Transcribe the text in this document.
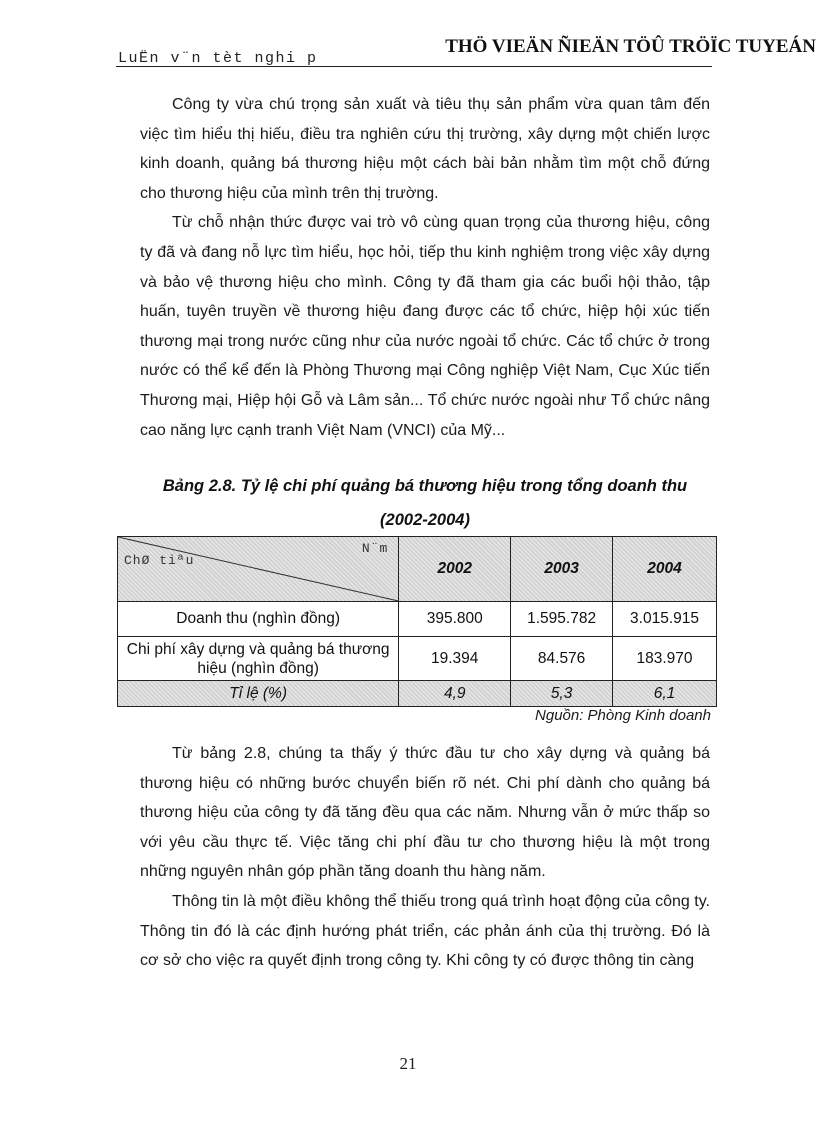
LuËn v¨n tèt nghi p
THÖ VIEÄN ÑIEÄN TÖÛ TRÖÏC TUYEÁN

Công ty vừa chú trọng sản xuất và tiêu thụ sản phẩm vừa quan tâm đến việc tìm hiểu thị hiếu, điều tra nghiên cứu thị trường, xây dựng một chiến lược kinh doanh, quảng bá thương hiệu một cách bài bản nhằm tìm một chỗ đứng cho thương hiệu của mình trên thị trường.

Từ chỗ nhận thức được vai trò vô cùng quan trọng của thương hiệu, công ty đã và đang nỗ lực tìm hiểu, học hỏi, tiếp thu kinh nghiệm trong việc xây dựng và bảo vệ thương hiệu cho mình. Công ty đã tham gia các buổi hội thảo, tập huấn, tuyên truyền về thương hiệu đang được các tổ chức, hiệp hội xúc tiến thương mại trong nước cũng như của nước ngoài tổ chức. Các tổ chức ở trong nước có thể kể đến là Phòng Thương mại Công nghiệp Việt Nam, Cục Xúc tiến Thương mại, Hiệp hội Gỗ và Lâm sản... Tổ chức nước ngoài như Tổ chức nâng cao năng lực cạnh tranh Việt Nam (VNCI) của Mỹ...

Bảng 2.8. Tỷ lệ chi phí quảng bá thương hiệu trong tổng doanh thu
(2002-2004)
N¨m
ChØ tiªu	2002	2003	2004
Doanh thu (nghìn đồng)	395.800	1.595.782	3.015.915
Chi phí xây dựng và quảng bá thương hiệu (nghìn đồng)	19.394	84.576	183.970
Tỉ lệ (%)	4,9	5,3	6,1
Nguồn: Phòng Kinh doanh

Từ bảng 2.8, chúng ta thấy ý thức đầu tư cho xây dựng và quảng bá thương hiệu có những bước chuyển biến rõ nét. Chi phí dành cho quảng bá thương hiệu của công ty đã tăng đều qua các năm. Nhưng vẫn ở mức thấp so với yêu cầu thực tế. Việc tăng chi phí đầu tư cho thương hiệu là một trong những nguyên nhân góp phần tăng doanh thu hàng năm.

Thông tin là một điều không thể thiếu trong quá trình hoạt động của công ty. Thông tin đó là các định hướng phát triển, các phản ánh của thị trường. Đó là cơ sở cho việc ra quyết định trong công ty. Khi công ty có được thông tin càng

21
